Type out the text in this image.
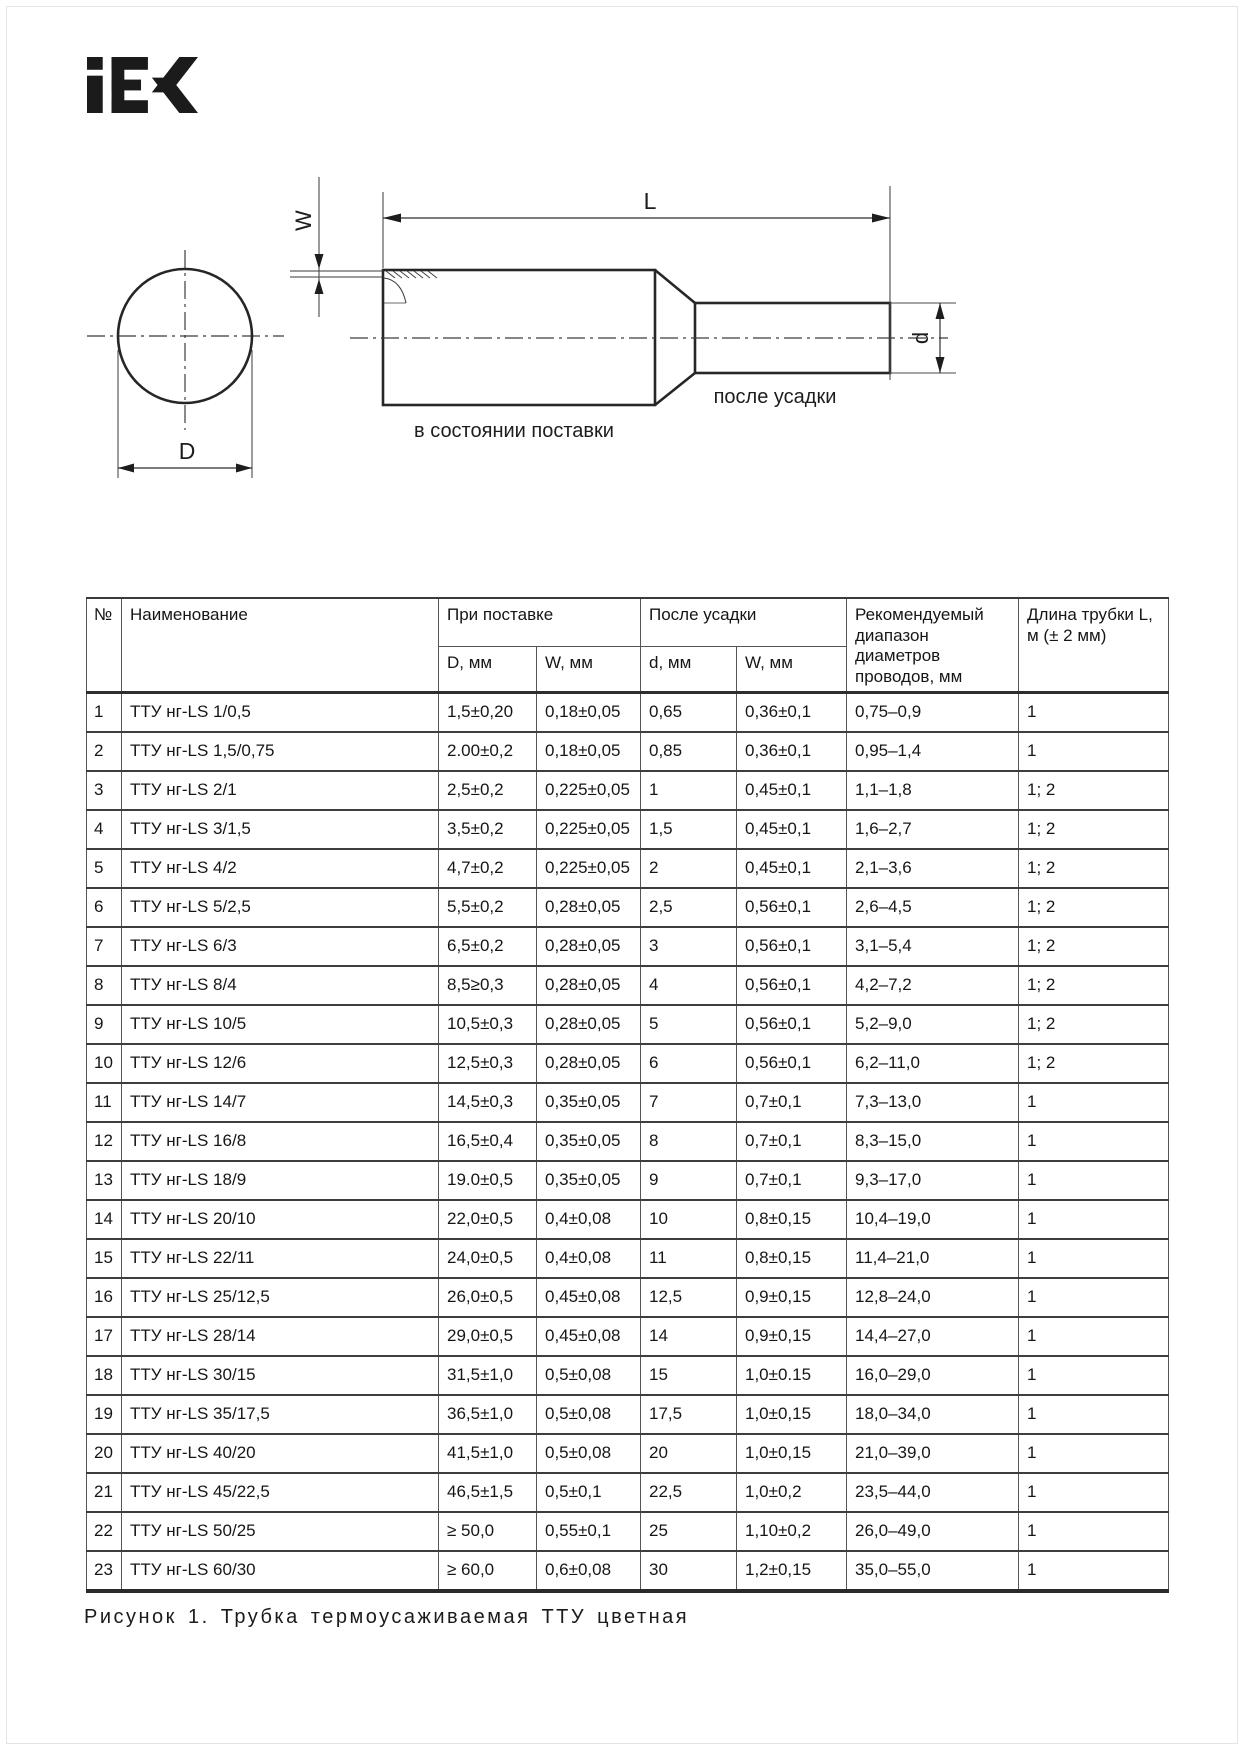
D
W
L
d
в состоянии поставки
после усадки
№	Наименование	При поставке		После усадки		Рекомендуемый диапазон диаметров проводов, мм	Длина трубки L, м (± 2 мм)
		D, мм	W, мм	d, мм	W, мм		
1	ТТУ нг-LS 1/0,5	1,5±0,20	0,18±0,05	0,65	0,36±0,1	0,75–0,9	1
2	ТТУ нг-LS 1,5/0,75	2.00±0,2	0,18±0,05	0,85	0,36±0,1	0,95–1,4	1
3	ТТУ нг-LS 2/1	2,5±0,2	0,225±0,05	1	0,45±0,1	1,1–1,8	1; 2
4	ТТУ нг-LS 3/1,5	3,5±0,2	0,225±0,05	1,5	0,45±0,1	1,6–2,7	1; 2
5	ТТУ нг-LS 4/2	4,7±0,2	0,225±0,05	2	0,45±0,1	2,1–3,6	1; 2
6	ТТУ нг-LS 5/2,5	5,5±0,2	0,28±0,05	2,5	0,56±0,1	2,6–4,5	1; 2
7	ТТУ нг-LS 6/3	6,5±0,2	0,28±0,05	3	0,56±0,1	3,1–5,4	1; 2
8	ТТУ нг-LS 8/4	8,5≥0,3	0,28±0,05	4	0,56±0,1	4,2–7,2	1; 2
9	ТТУ нг-LS 10/5	10,5±0,3	0,28±0,05	5	0,56±0,1	5,2–9,0	1; 2
10	ТТУ нг-LS 12/6	12,5±0,3	0,28±0,05	6	0,56±0,1	6,2–11,0	1; 2
11	ТТУ нг-LS 14/7	14,5±0,3	0,35±0,05	7	0,7±0,1	7,3–13,0	1
12	ТТУ нг-LS 16/8	16,5±0,4	0,35±0,05	8	0,7±0,1	8,3–15,0	1
13	ТТУ нг-LS 18/9	19.0±0,5	0,35±0,05	9	0,7±0,1	9,3–17,0	1
14	ТТУ нг-LS 20/10	22,0±0,5	0,4±0,08	10	0,8±0,15	10,4–19,0	1
15	ТТУ нг-LS 22/11	24,0±0,5	0,4±0,08	11	0,8±0,15	11,4–21,0	1
16	ТТУ нг-LS 25/12,5	26,0±0,5	0,45±0,08	12,5	0,9±0,15	12,8–24,0	1
17	ТТУ нг-LS 28/14	29,0±0,5	0,45±0,08	14	0,9±0,15	14,4–27,0	1
18	ТТУ нг-LS 30/15	31,5±1,0	0,5±0,08	15	1,0±0.15	16,0–29,0	1
19	ТТУ нг-LS 35/17,5	36,5±1,0	0,5±0,08	17,5	1,0±0,15	18,0–34,0	1
20	ТТУ нг-LS 40/20	41,5±1,0	0,5±0,08	20	1,0±0,15	21,0–39,0	1
21	ТТУ нг-LS 45/22,5	46,5±1,5	0,5±0,1	22,5	1,0±0,2	23,5–44,0	1
22	ТТУ нг-LS 50/25	≥ 50,0	0,55±0,1	25	1,10±0,2	26,0–49,0	1
23	ТТУ нг-LS 60/30	≥ 60,0	0,6±0,08	30	1,2±0,15	35,0–55,0	1
Рисунок 1. Трубка термоусаживаемая ТТУ цветная
